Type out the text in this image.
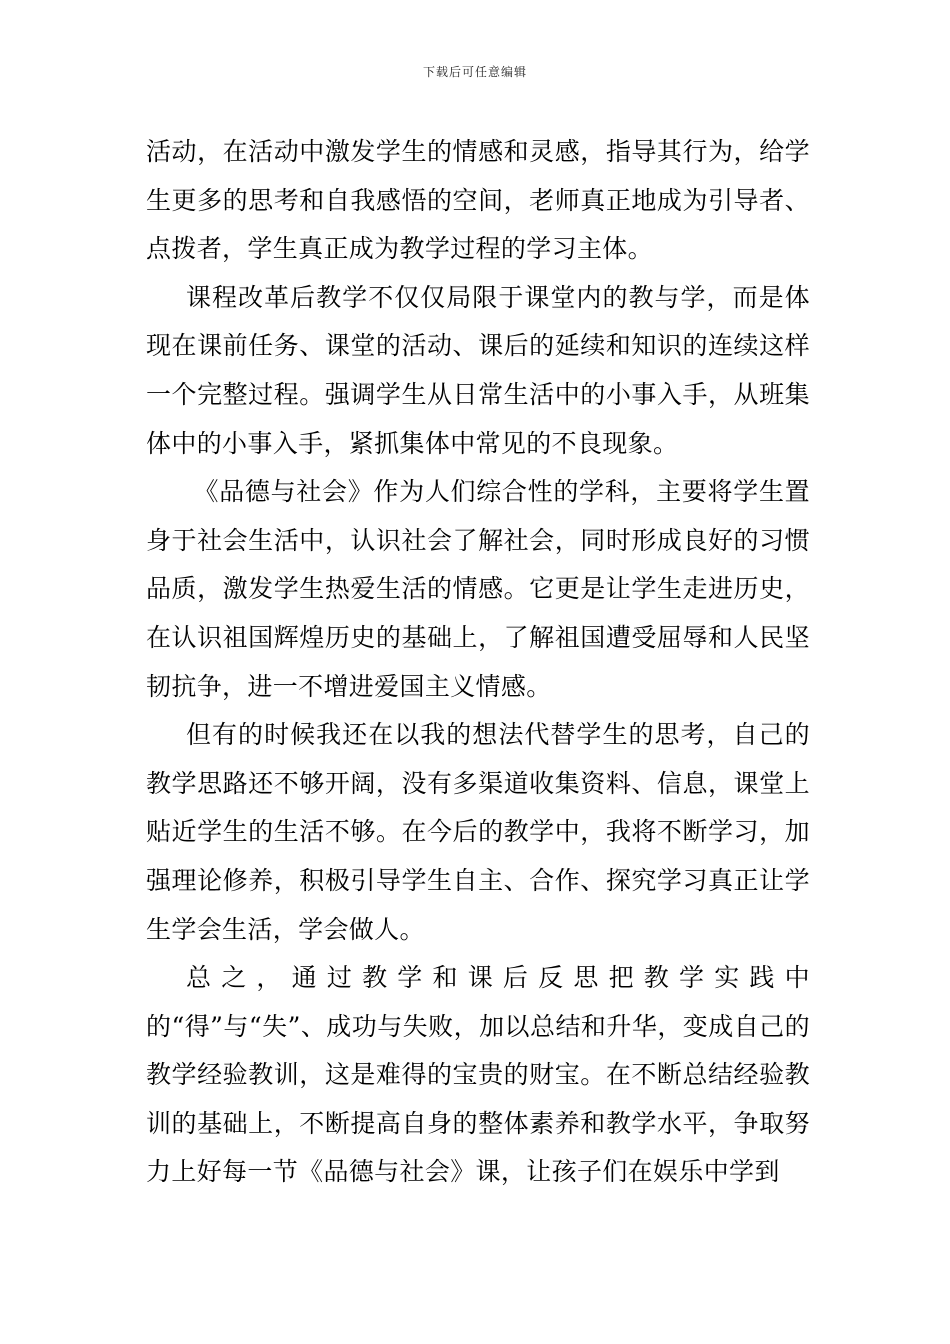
下载后可任意编辑

活动，在活动中激发学生的情感和灵感，指导其行为，给学生更多的思考和自我感悟的空间，老师真正地成为引导者、点拨者，学生真正成为教学过程的学习主体。

课程改革后教学不仅仅局限于课堂内的教与学，而是体现在课前任务、课堂的活动、课后的延续和知识的连续这样一个完整过程。强调学生从日常生活中的小事入手，从班集体中的小事入手，紧抓集体中常见的不良现象。

《品德与社会》作为人们综合性的学科，主要将学生置身于社会生活中，认识社会了解社会，同时形成良好的习惯品质，激发学生热爱生活的情感。它更是让学生走进历史，在认识祖国辉煌历史的基础上，了解祖国遭受屈辱和人民坚韧抗争，进一不增进爱国主义情感。

但有的时候我还在以我的想法代替学生的思考，自己的教学思路还不够开阔，没有多渠道收集资料、信息，课堂上贴近学生的生活不够。在今后的教学中，我将不断学习，加强理论修养，积极引导学生自主、合作、探究学习真正让学生学会生活，学会做人。

总之，通过教学和课后反思把教学实践中的“得”与“失”、成功与失败，加以总结和升华，变成自己的教学经验教训，这是难得的宝贵的财宝。在不断总结经验教训的基础上，不断提高自身的整体素养和教学水平，争取努力上好每一节《品德与社会》课，让孩子们在娱乐中学到
